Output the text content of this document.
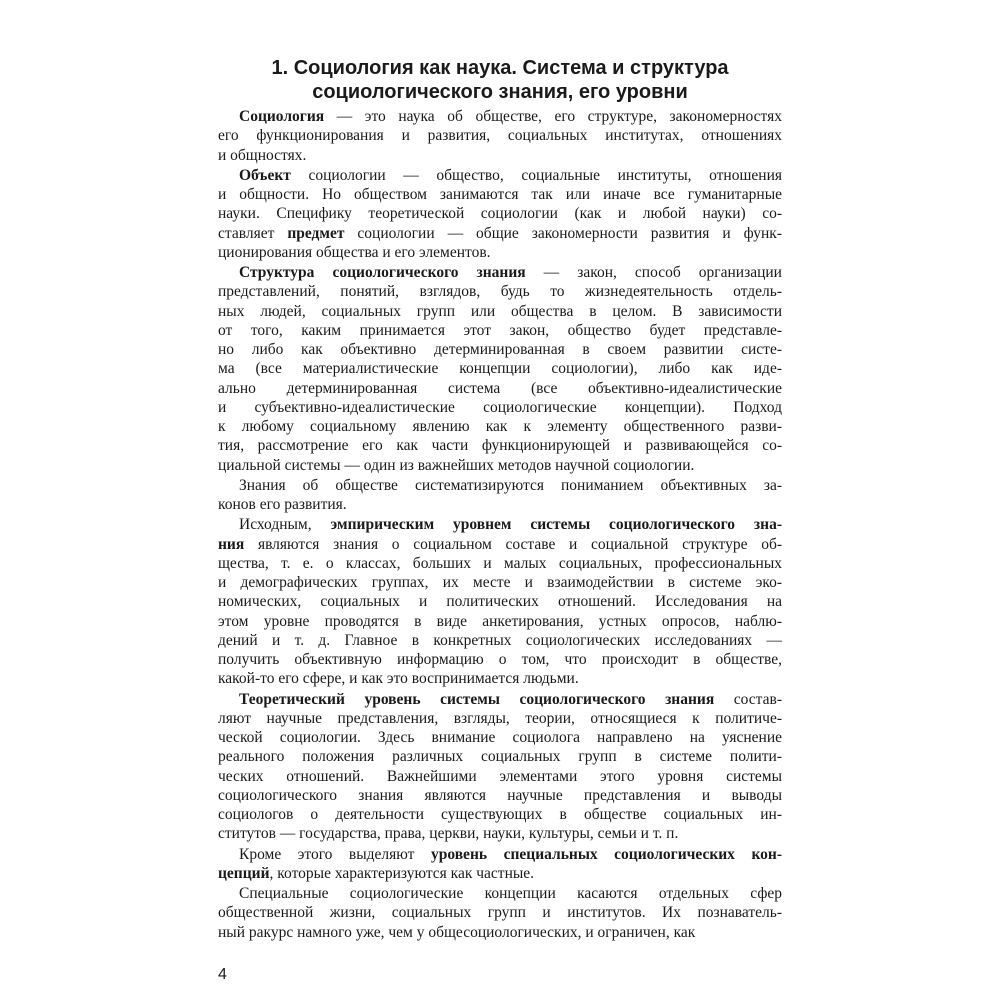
1. Социология как наука. Система и структура
социологического знания, его уровни
Социология — это наука об обществе, его структуре, закономерностях
его функционирования и развития, социальных институтах, отношениях
и общностях.
Объект социологии — общество, социальные институты, отношения
и общности. Но обществом занимаются так или иначе все гуманитарные
науки. Специфику теоретической социологии (как и любой науки) со-
ставляет предмет социологии — общие закономерности развития и функ-
ционирования общества и его элементов.
Структура социологического знания — закон, способ организации
представлений, понятий, взглядов, будь то жизнедеятельность отдель-
ных людей, социальных групп или общества в целом. В зависимости
от того, каким принимается этот закон, общество будет представле-
но либо как объективно детерминированная в своем развитии систе-
ма (все материалистические концепции социологии), либо как иде-
ально детерминированная система (все объективно-идеалистические
и субъективно-идеалистические социологические концепции). Подход
к любому социальному явлению как к элементу общественного разви-
тия, рассмотрение его как части функционирующей и развивающейся со-
циальной системы — один из важнейших методов научной социологии.
Знания об обществе систематизируются пониманием объективных за-
конов его развития.
Исходным, эмпирическим уровнем системы социологического зна-
ния являются знания о социальном составе и социальной структуре об-
щества, т. е. о классах, больших и малых социальных, профессиональных
и демографических группах, их месте и взаимодействии в системе эко-
номических, социальных и политических отношений. Исследования на
этом уровне проводятся в виде анкетирования, устных опросов, наблю-
дений и т. д. Главное в конкретных социологических исследованиях —
получить объективную информацию о том, что происходит в обществе,
какой-то его сфере, и как это воспринимается людьми.
Теоретический уровень системы социологического знания состав-
ляют научные представления, взгляды, теории, относящиеся к политиче-
ческой социологии. Здесь внимание социолога направлено на уяснение
реального положения различных социальных групп в системе полити-
ческих отношений. Важнейшими элементами этого уровня системы
социологического знания являются научные представления и выводы
социологов о деятельности существующих в обществе социальных ин-
ститутов — государства, права, церкви, науки, культуры, семьи и т. п.
Кроме этого выделяют уровень специальных социологических кон-
цепций, которые характеризуются как частные.
Специальные социологические концепции касаются отдельных сфер
общественной жизни, социальных групп и институтов. Их познаватель-
ный ракурс намного уже, чем у общесоциологических, и ограничен, как
4
